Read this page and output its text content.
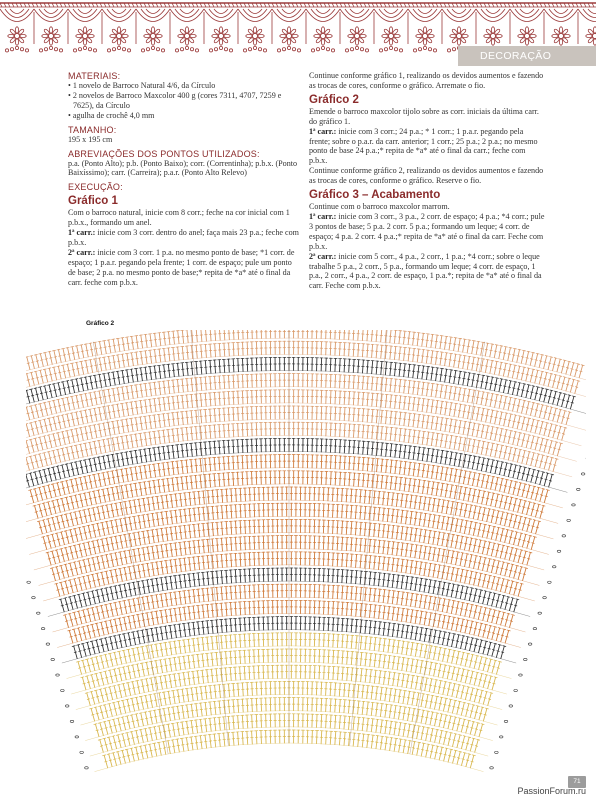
DECORAÇÃO
MATERIAIS:

• 1 novelo de Barroco Natural 4/6, da Círculo

• 2 novelos de Barroco Maxcolor 400 g (cores 7311, 4707, 7259 e 7625), da Círculo

• agulha de crochê 4,0 mm

TAMANHO:

195 x 195 cm

ABREVIAÇÕES DOS PONTOS UTILIZADOS:

p.a. (Ponto Alto); p.b. (Ponto Baixo); corr. (Correntinha); p.b.x. (Ponto Baixíssimo); carr. (Carreira); p.a.r. (Ponto Alto Relevo)

EXECUÇÃO:
Gráfico 1

Com o barroco natural, inicie com 8 corr.; feche na cor inicial com 1 p.b.x., formando um anel.

1ª carr.: inicie com 3 corr. dentro do anel; faça mais 23 p.a.; feche com p.b.x.

2ª carr.: inicie com 3 corr. 1 p.a. no mesmo ponto de base; *1 corr. de espaço; 1 p.a.r. pegando pela frente; 1 corr. de espaço; pule um ponto de base; 2 p.a. no mesmo ponto de base;* repita de *a* até o final da carr. feche com p.b.x.

Continue conforme gráfico 1, realizando os devidos aumentos e fazendo as trocas de cores, conforme o gráfico. Arremate o fio.

Gráfico 2

Emende o barroco maxcolor tijolo sobre as corr. iniciais da última carr. do gráfico 1.

1ª carr.: inicie com 3 corr.; 24 p.a.; * 1 corr.; 1 p.a.r. pegando pela frente; sobre o p.a.r. da carr. anterior; 1 corr.; 25 p.a.; 2 p.a.; no mesmo ponto de base 24 p.a.;* repita de *a* até o final da carr.; feche com p.b.x.

Continue conforme gráfico 2, realizando os devidos aumentos e fazendo as trocas de cores, conforme o gráfico. Reserve o fio.

Gráfico 3 – Acabamento

Continue com o barroco maxcolor marrom.

1ª carr.: inicie com 3 corr., 3 p.a., 2 corr. de espaço; 4 p.a.; *4 corr.; pule 3 pontos de base; 5 p.a. 2 corr. 5 p.a.; formando um leque; 4 corr. de espaço; 4 p.a. 2 corr. 4 p.a.;* repita de *a* até o final da carr. Feche com p.b.x.

2ª carr.: inicie com 5 corr., 4 p.a., 2 corr., 1 p.a.; *4 corr.; sobre o leque trabalhe 5 p.a., 2 corr., 5 p.a., formando um leque; 4 corr. de espaço, 1 p.a., 2 corr., 4 p.a., 2 corr. de espaço, 1 p.a.*; repita de *a* até o final da carr. Feche com p.b.x.

Gráfico 2
71
PassionForum.ru
